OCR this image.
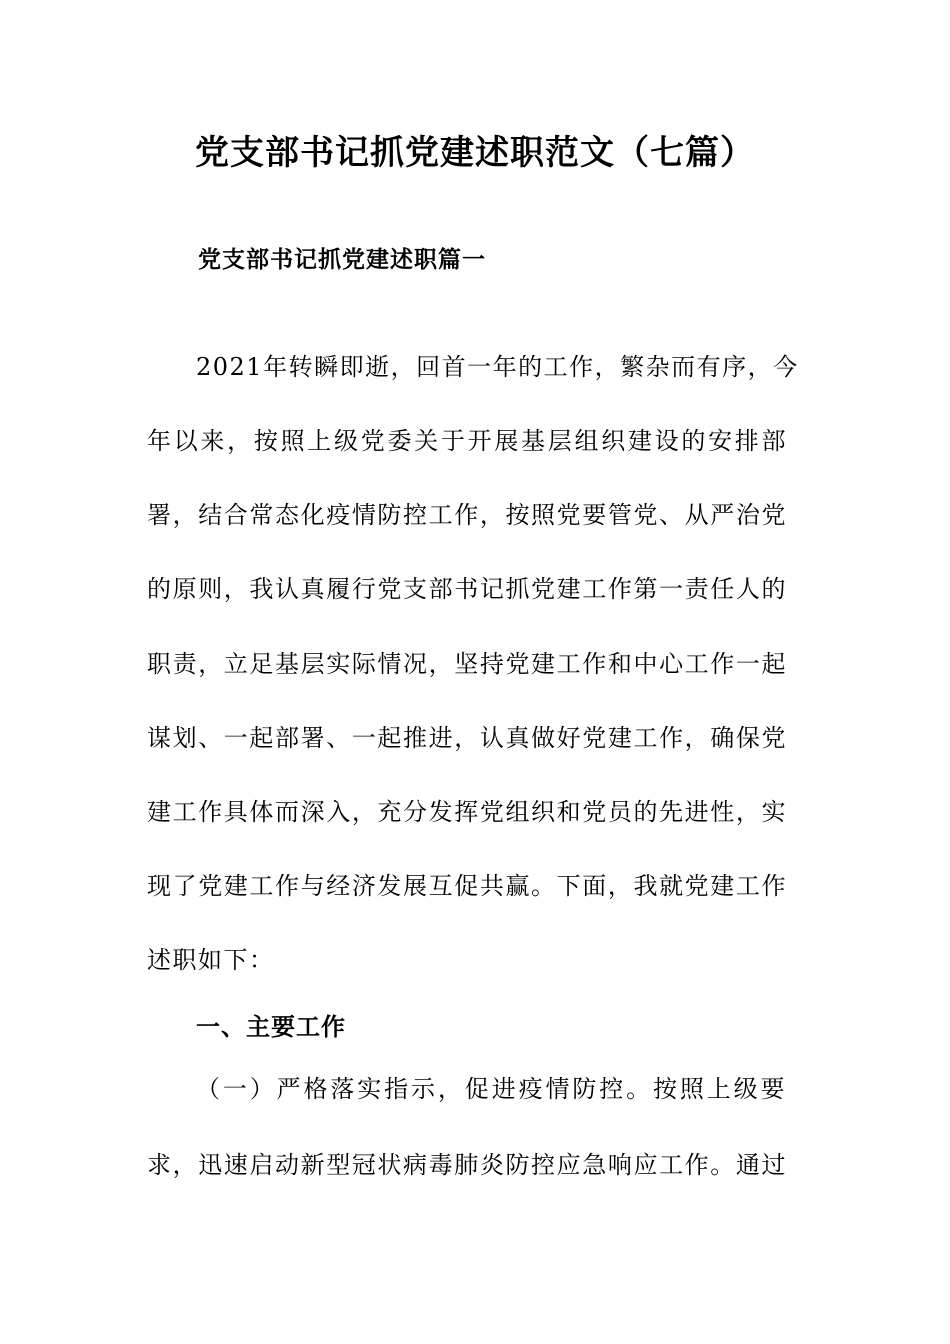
党支部书记抓党建述职范文（七篇）
党支部书记抓党建述职篇一
2021年转瞬即逝，回首一年的工作，繁杂而有序，今
年以来，按照上级党委关于开展基层组织建设的安排部
署，结合常态化疫情防控工作，按照党要管党、从严治党
的原则，我认真履行党支部书记抓党建工作第一责任人的
职责，立足基层实际情况，坚持党建工作和中心工作一起
谋划、一起部署、一起推进，认真做好党建工作，确保党
建工作具体而深入，充分发挥党组织和党员的先进性，实
现了党建工作与经济发展互促共赢。下面，我就党建工作
述职如下：
一、主要工作
（一）严格落实指示，促进疫情防控。按照上级要
求，迅速启动新型冠状病毒肺炎防控应急响应工作。通过
